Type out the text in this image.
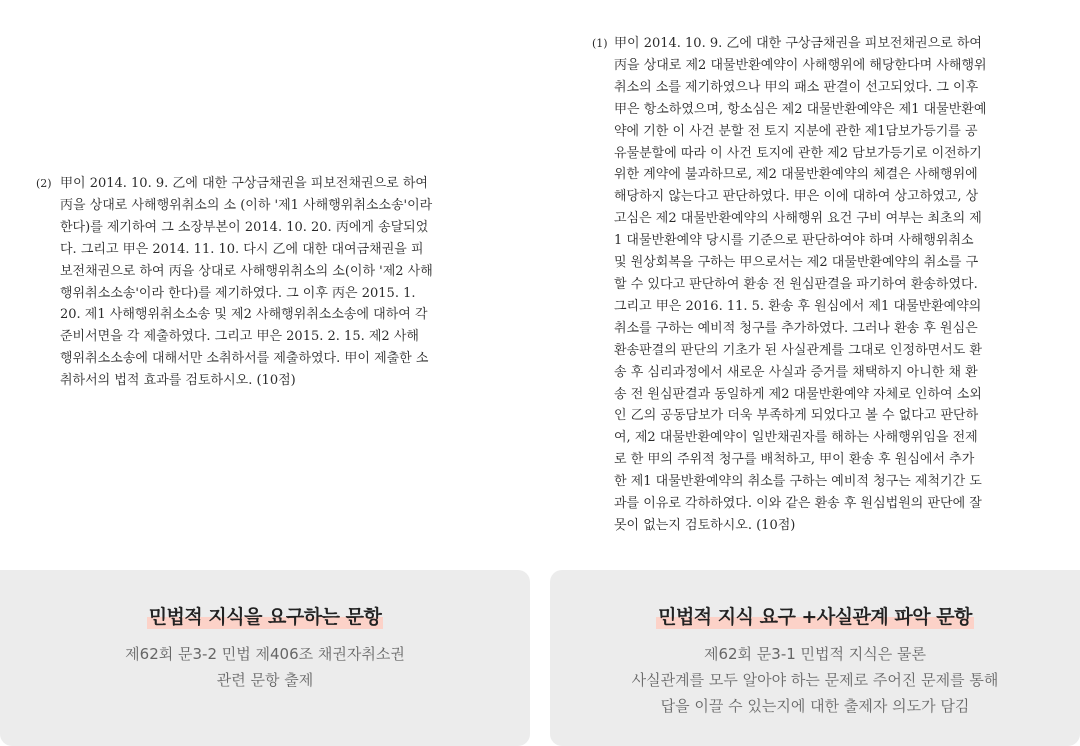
(2) 甲이 2014. 10. 9. 乙에 대한 구상금채권을 피보전채권으로 하여
丙을 상대로 사해행위취소의 소 (이하 '제1 사해행위취소소송'이라
한다)를 제기하여 그 소장부본이 2014. 10. 20. 丙에게 송달되었
다. 그리고 甲은 2014. 11. 10. 다시 乙에 대한 대여금채권을 피
보전채권으로 하여 丙을 상대로 사해행위취소의 소(이하 '제2 사해
행위취소소송'이라 한다)를 제기하였다. 그 이후 丙은 2015. 1.
20. 제1 사해행위취소소송 및 제2 사해행위취소소송에 대하여 각
준비서면을 각 제출하였다. 그리고 甲은 2015. 2. 15. 제2 사해
행위취소소송에 대해서만 소취하서를 제출하였다. 甲이 제출한 소
취하서의 법적 효과를 검토하시오. (10점)
(1) 甲이 2014. 10. 9. 乙에 대한 구상금채권을 피보전채권으로 하여
丙을 상대로 제2 대물반환예약이 사해행위에 해당한다며 사해행위
취소의 소를 제기하였으나 甲의 패소 판결이 선고되었다. 그 이후
甲은 항소하였으며, 항소심은 제2 대물반환예약은 제1 대물반환예
약에 기한 이 사건 분할 전 토지 지분에 관한 제1담보가등기를 공
유물분할에 따라 이 사건 토지에 관한 제2 담보가등기로 이전하기
위한 계약에 불과하므로, 제2 대물반환예약의 체결은 사해행위에
해당하지 않는다고 판단하였다. 甲은 이에 대하여 상고하였고, 상
고심은 제2 대물반환예약의 사해행위 요건 구비 여부는 최초의 제
1 대물반환예약 당시를 기준으로 판단하여야 하며 사해행위취소
및 원상회복을 구하는 甲으로서는 제2 대물반환예약의 취소를 구
할 수 있다고 판단하여 환송 전 원심판결을 파기하여 환송하였다.
그리고 甲은 2016. 11. 5. 환송 후 원심에서 제1 대물반환예약의
취소를 구하는 예비적 청구를 추가하였다. 그러나 환송 후 원심은
환송판결의 판단의 기초가 된 사실관계를 그대로 인정하면서도 환
송 후 심리과정에서 새로운 사실과 증거를 채택하지 아니한 채 환
송 전 원심판결과 동일하게 제2 대물반환예약 자체로 인하여 소외
인 乙의 공동담보가 더욱 부족하게 되었다고 볼 수 없다고 판단하
여, 제2 대물반환예약이 일반채권자를 해하는 사해행위임을 전제
로 한 甲의 주위적 청구를 배척하고, 甲이 환송 후 원심에서 추가
한 제1 대물반환예약의 취소를 구하는 예비적 청구는 제척기간 도
과를 이유로 각하하였다. 이와 같은 환송 후 원심법원의 판단에 잘
못이 없는지 검토하시오. (10점)
민법적 지식을 요구하는 문항
제62회 문3-2 민법 제406조 채권자취소권
관련 문항 출제
민법적 지식 요구 +사실관계 파악 문항
제62회 문3-1 민법적 지식은 물론
사실관계를 모두 알아야 하는 문제로 주어진 문제를 통해
답을 이끌 수 있는지에 대한 출제자 의도가 담김
